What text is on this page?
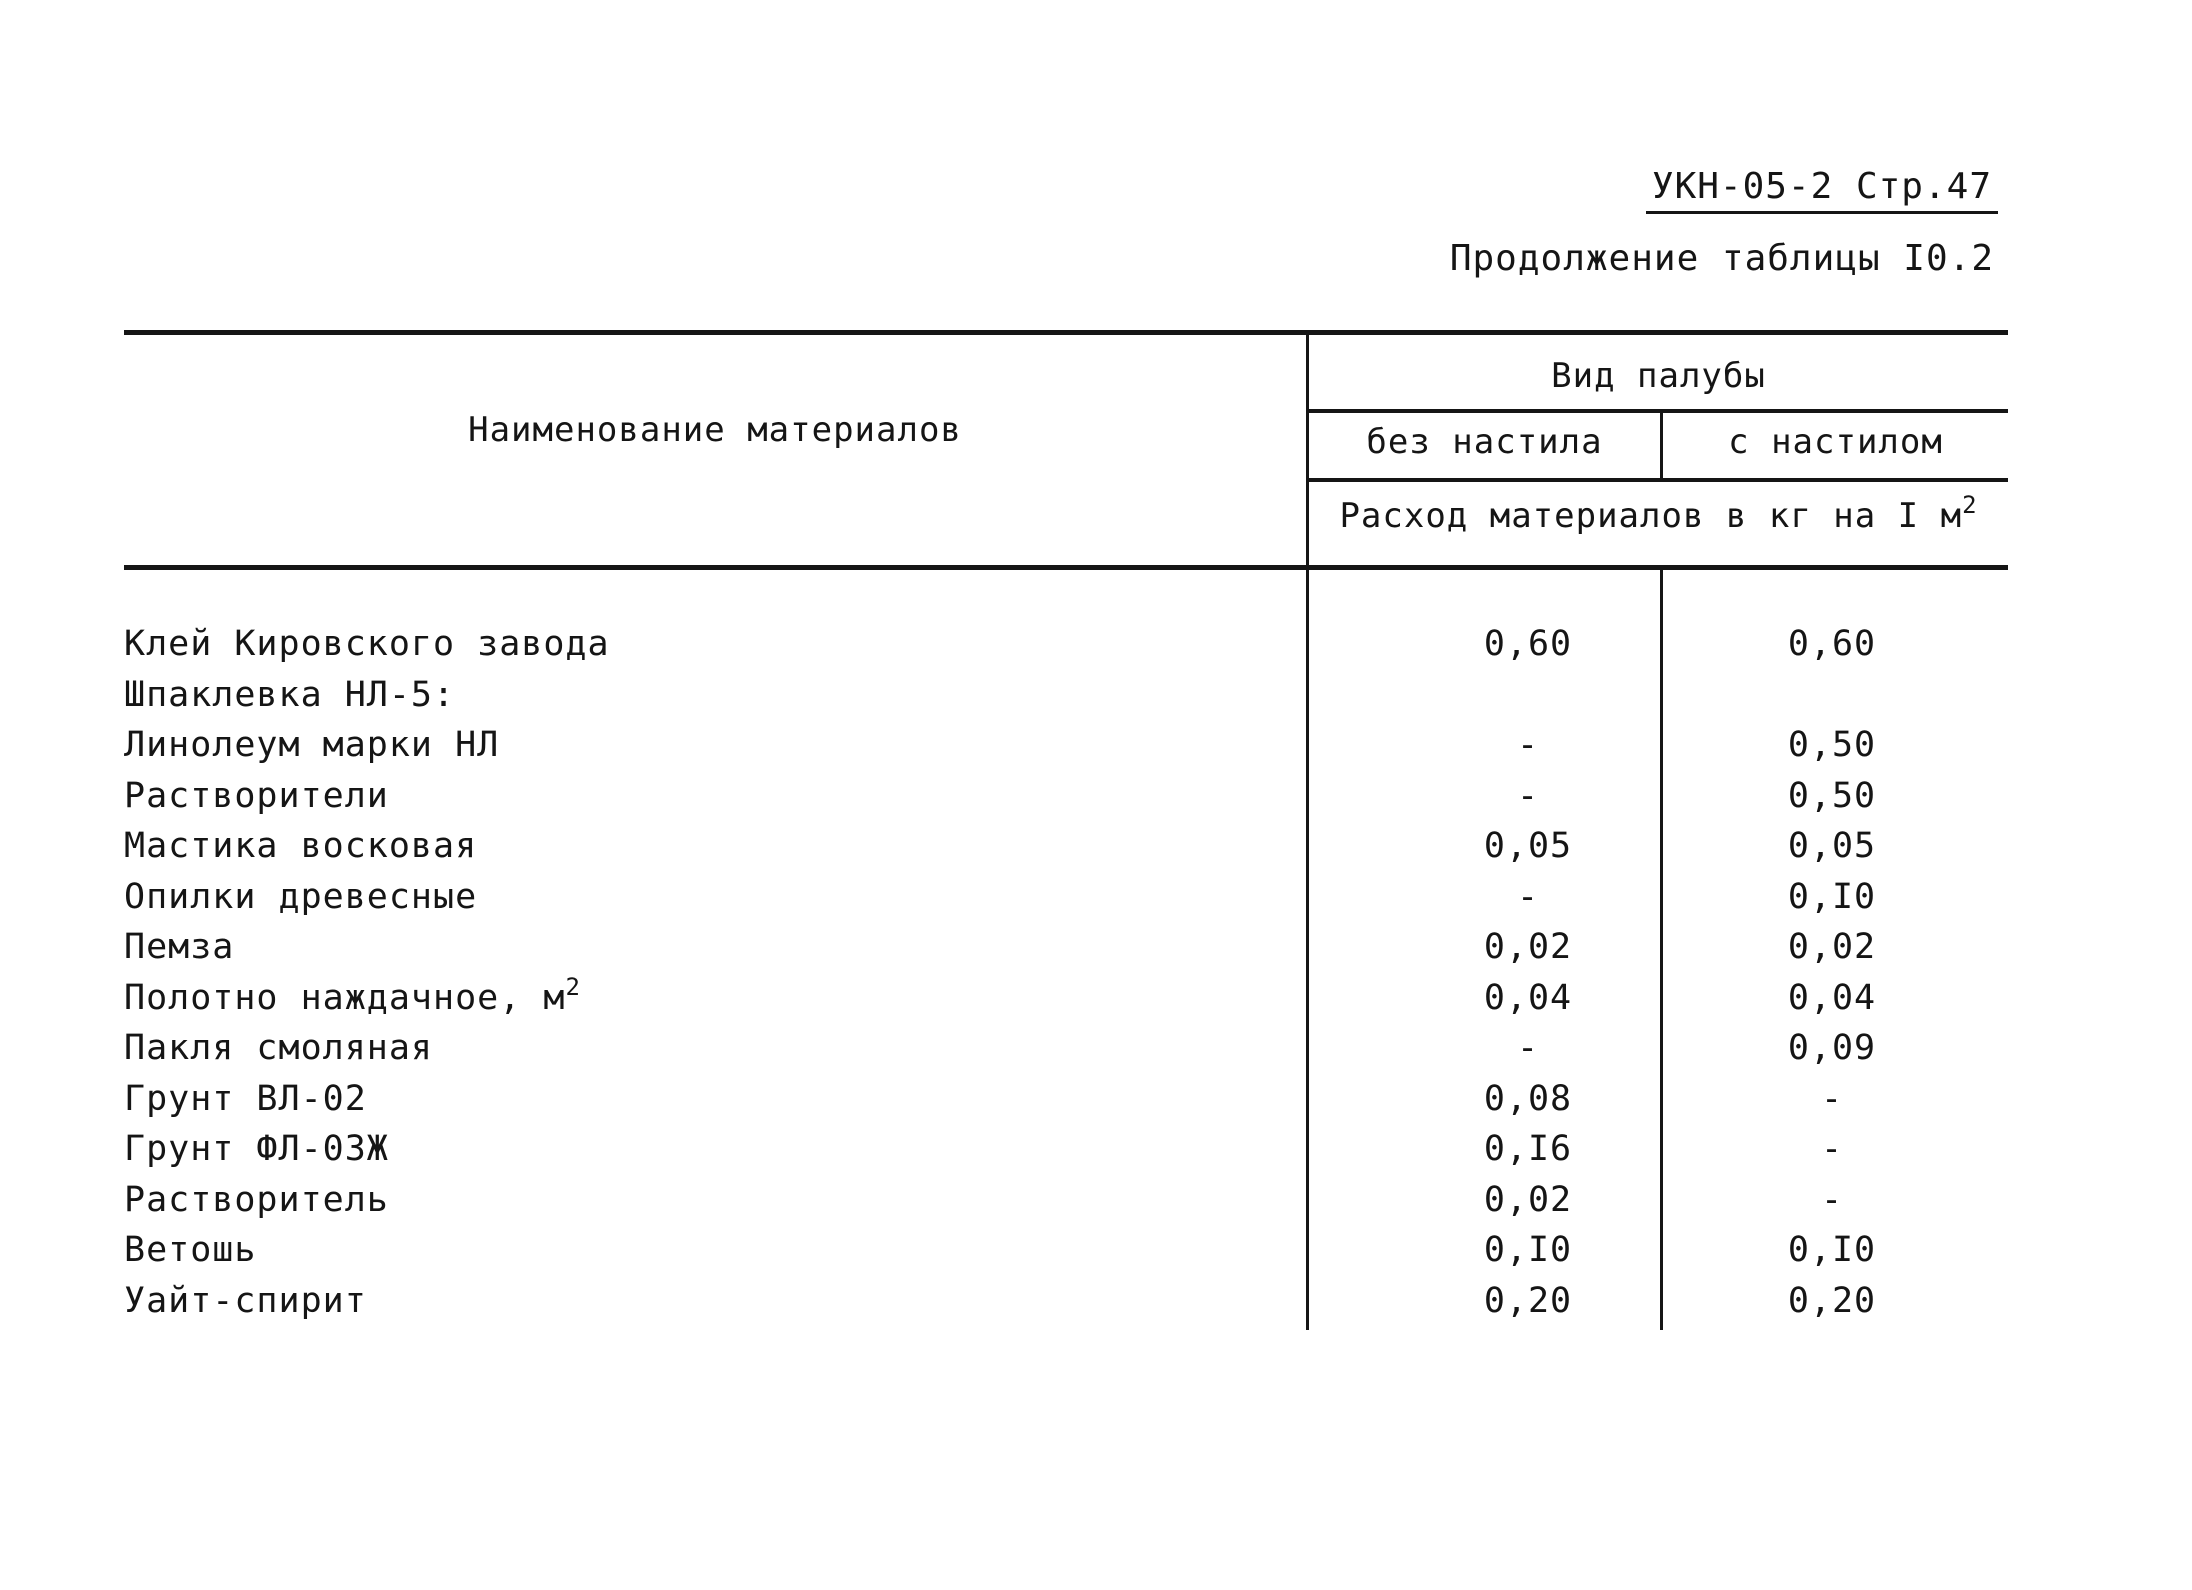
УКН-05-2 Стр.47
Продолжение таблицы I0.2
Наименование материалов
Вид палубы
без настила	с настилом
Расход материалов в кг на I $м^2$
Клей Кировского завода	0,60	0,60
Шпаклевка НЛ-5:
Линолеум марки НЛ	-	0,50
Растворители	-	0,50
Мастика восковая	0,05	0,05
Опилки древесные	-	0,I0
Пемза	0,02	0,02
Полотно наждачное, $м^2$	0,04	0,04
Пакля смоляная	-	0,09
Грунт ВЛ-02	0,08	-
Грунт ФЛ-03Ж	0,I6	-
Растворитель	0,02	-
Ветошь	0,I0	0,I0
Уайт-спирит	0,20	0,20
